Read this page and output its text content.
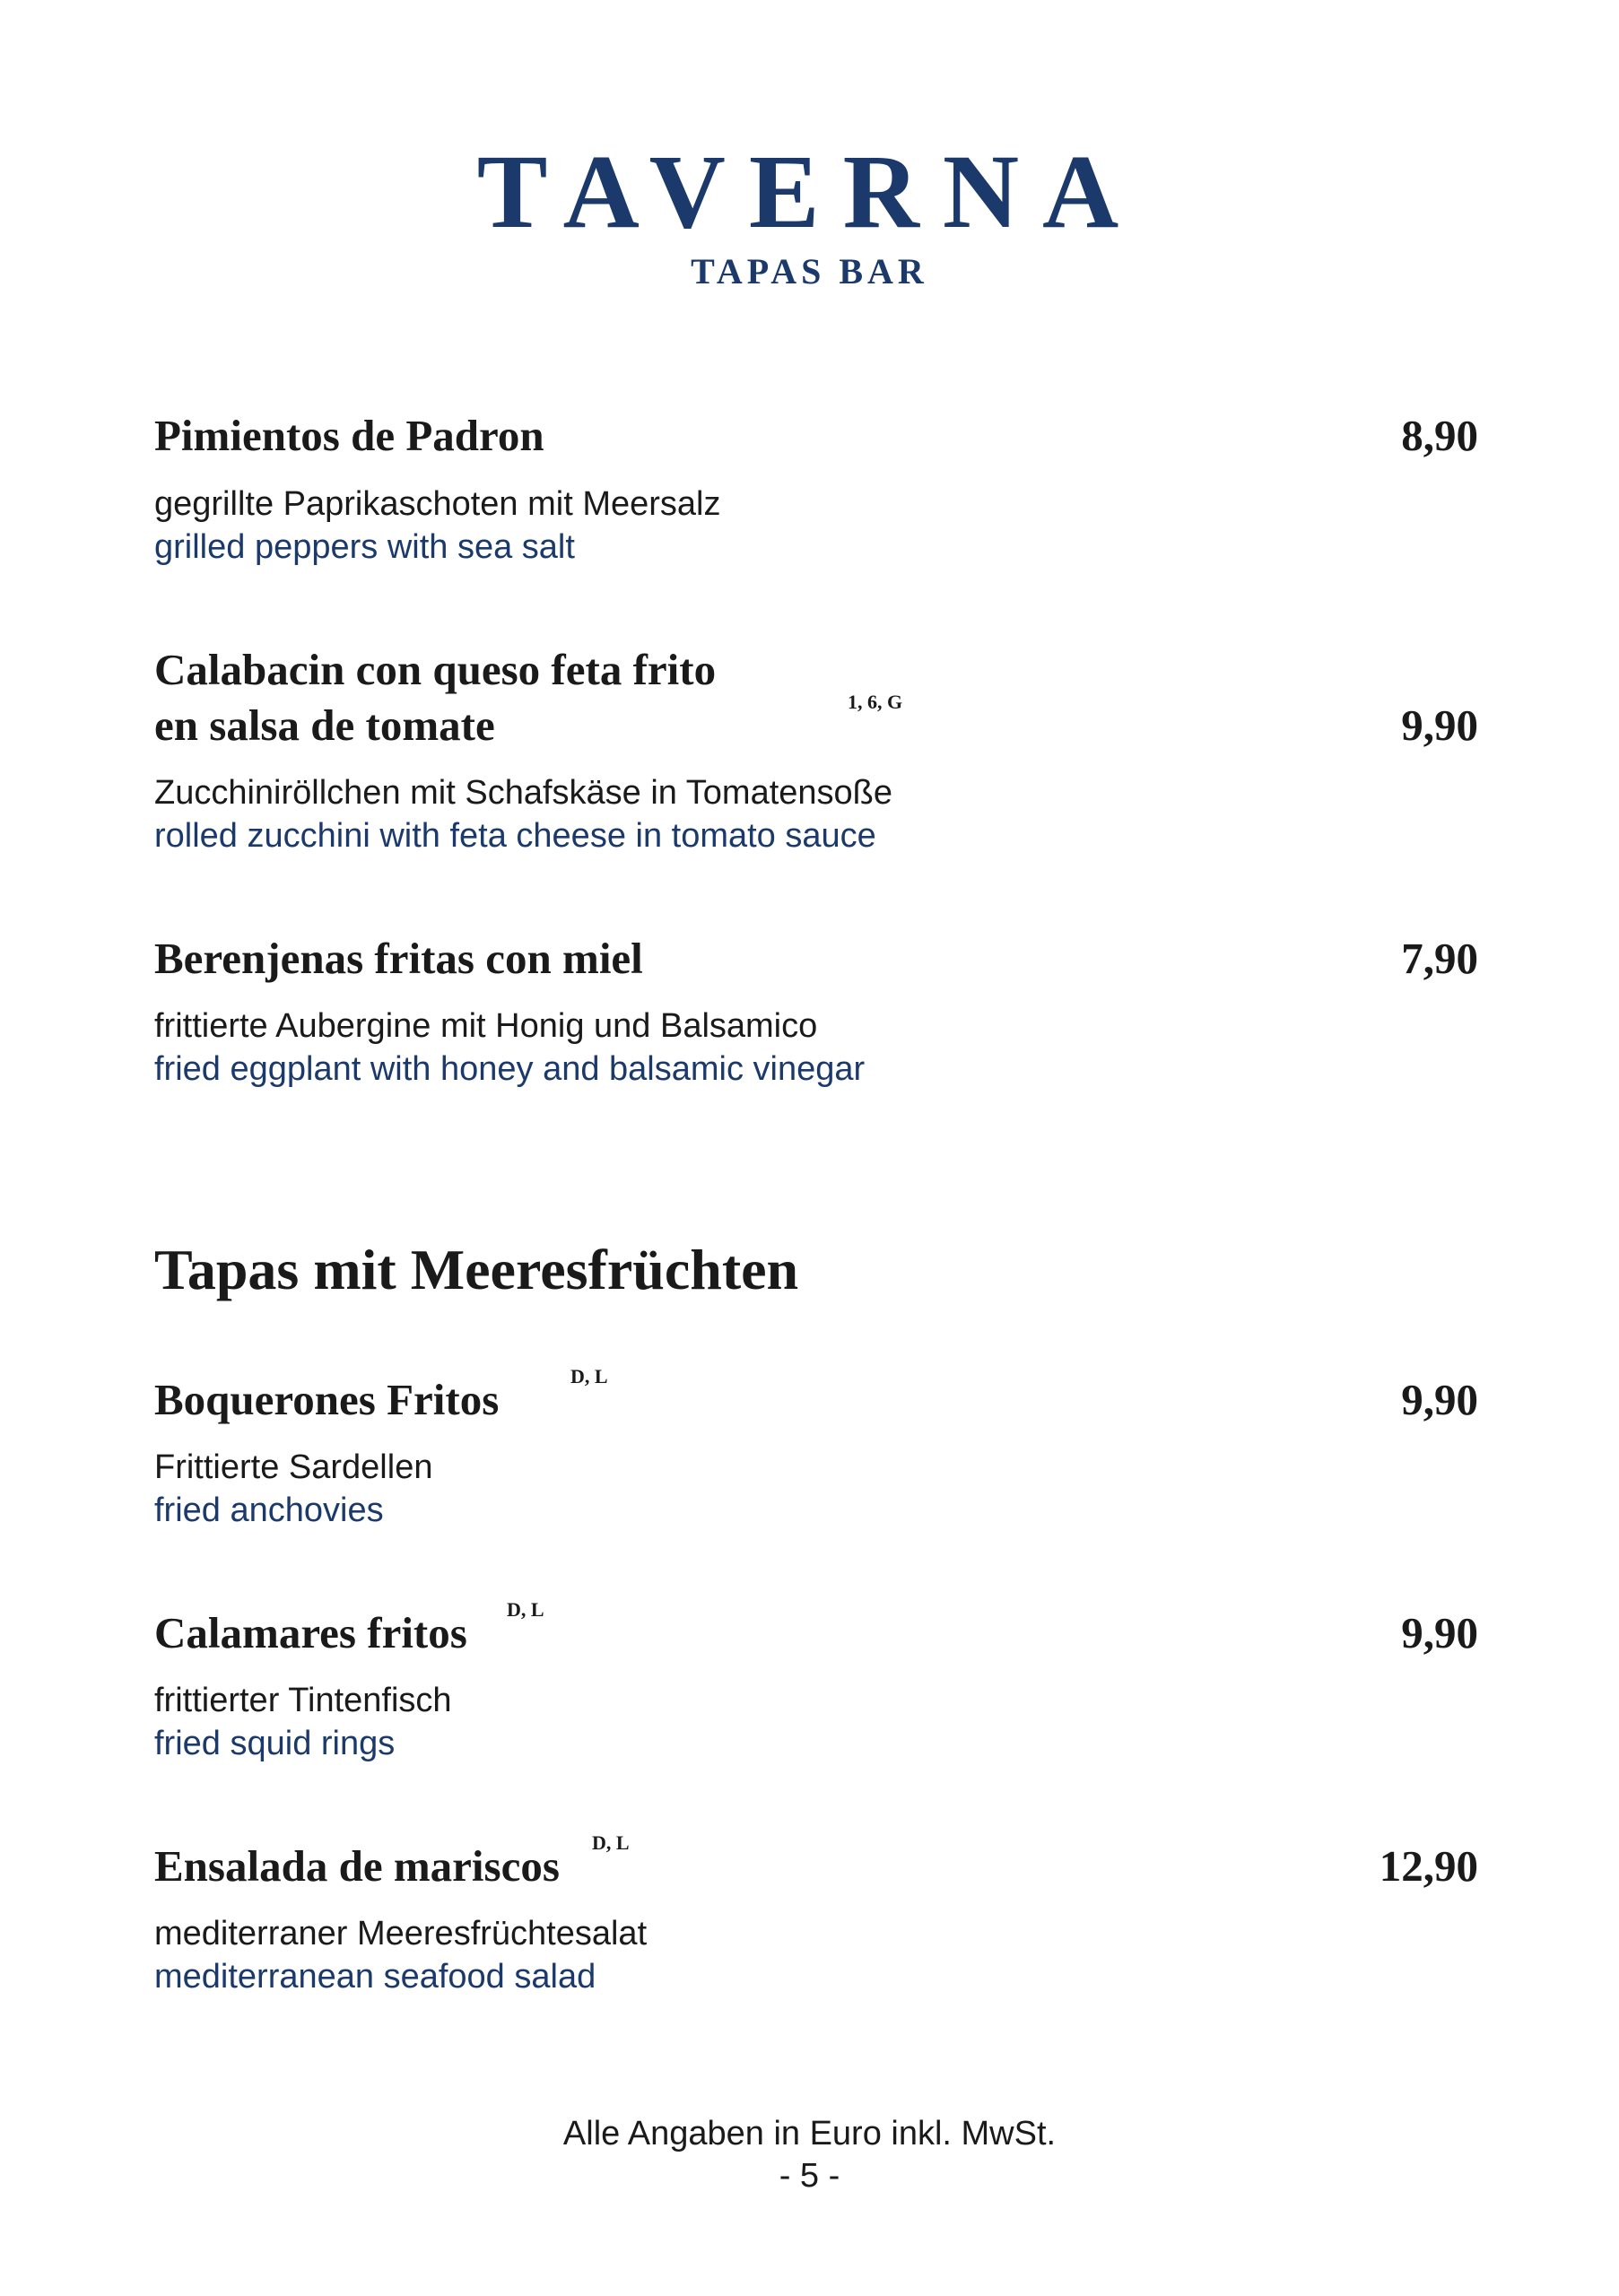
TAVERNA
TAPAS BAR
Pimientos de Padron	8,90
gegrillte Paprikaschoten mit Meersalz
grilled peppers with sea salt
Calabacin con queso feta frito
en salsa de tomate	1, 6, G	9,90
Zucchiniröllchen mit Schafskäse in Tomatensoße
rolled zucchini with feta cheese in tomato sauce
Berenjenas fritas con miel	7,90
frittierte Aubergine mit Honig und Balsamico
fried eggplant with honey and balsamic vinegar
Tapas mit Meeresfrüchten
Boquerones Fritos	D, L	9,90
Frittierte Sardellen
fried anchovies
Calamares fritos D, L	9,90
frittierter Tintenfisch
fried squid rings
Ensalada de mariscos D, L	12,90
mediterraner Meeresfrüchtesalat
mediterranean seafood salad
Alle Angaben in Euro inkl. MwSt.
- 5 -
